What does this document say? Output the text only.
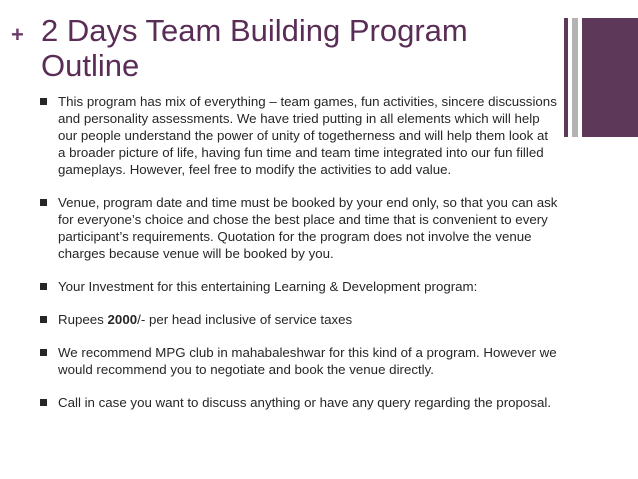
+ 2 Days Team Building Program Outline
This program has mix of everything – team games, fun activities, sincere discussions and personality assessments. We have tried putting in all elements which will help our people understand the power of unity of togetherness and will help them look at a broader picture of life, having fun time and team time integrated into our fun filled gameplays. However, feel free to modify the activities to add value.
Venue, program date and time must be booked by your end only, so that you can ask for everyone’s choice and chose the best place and time that is convenient to every participant’s requirements. Quotation for the program does not involve the venue charges because venue will be booked by you.
Your Investment for this entertaining Learning & Development program:
Rupees 2000/- per head inclusive of service taxes
We recommend MPG club in mahabaleshwar for this kind of a program. However we would recommend you to negotiate and book the venue directly.
Call in case you want to discuss anything or have any query regarding the proposal.
